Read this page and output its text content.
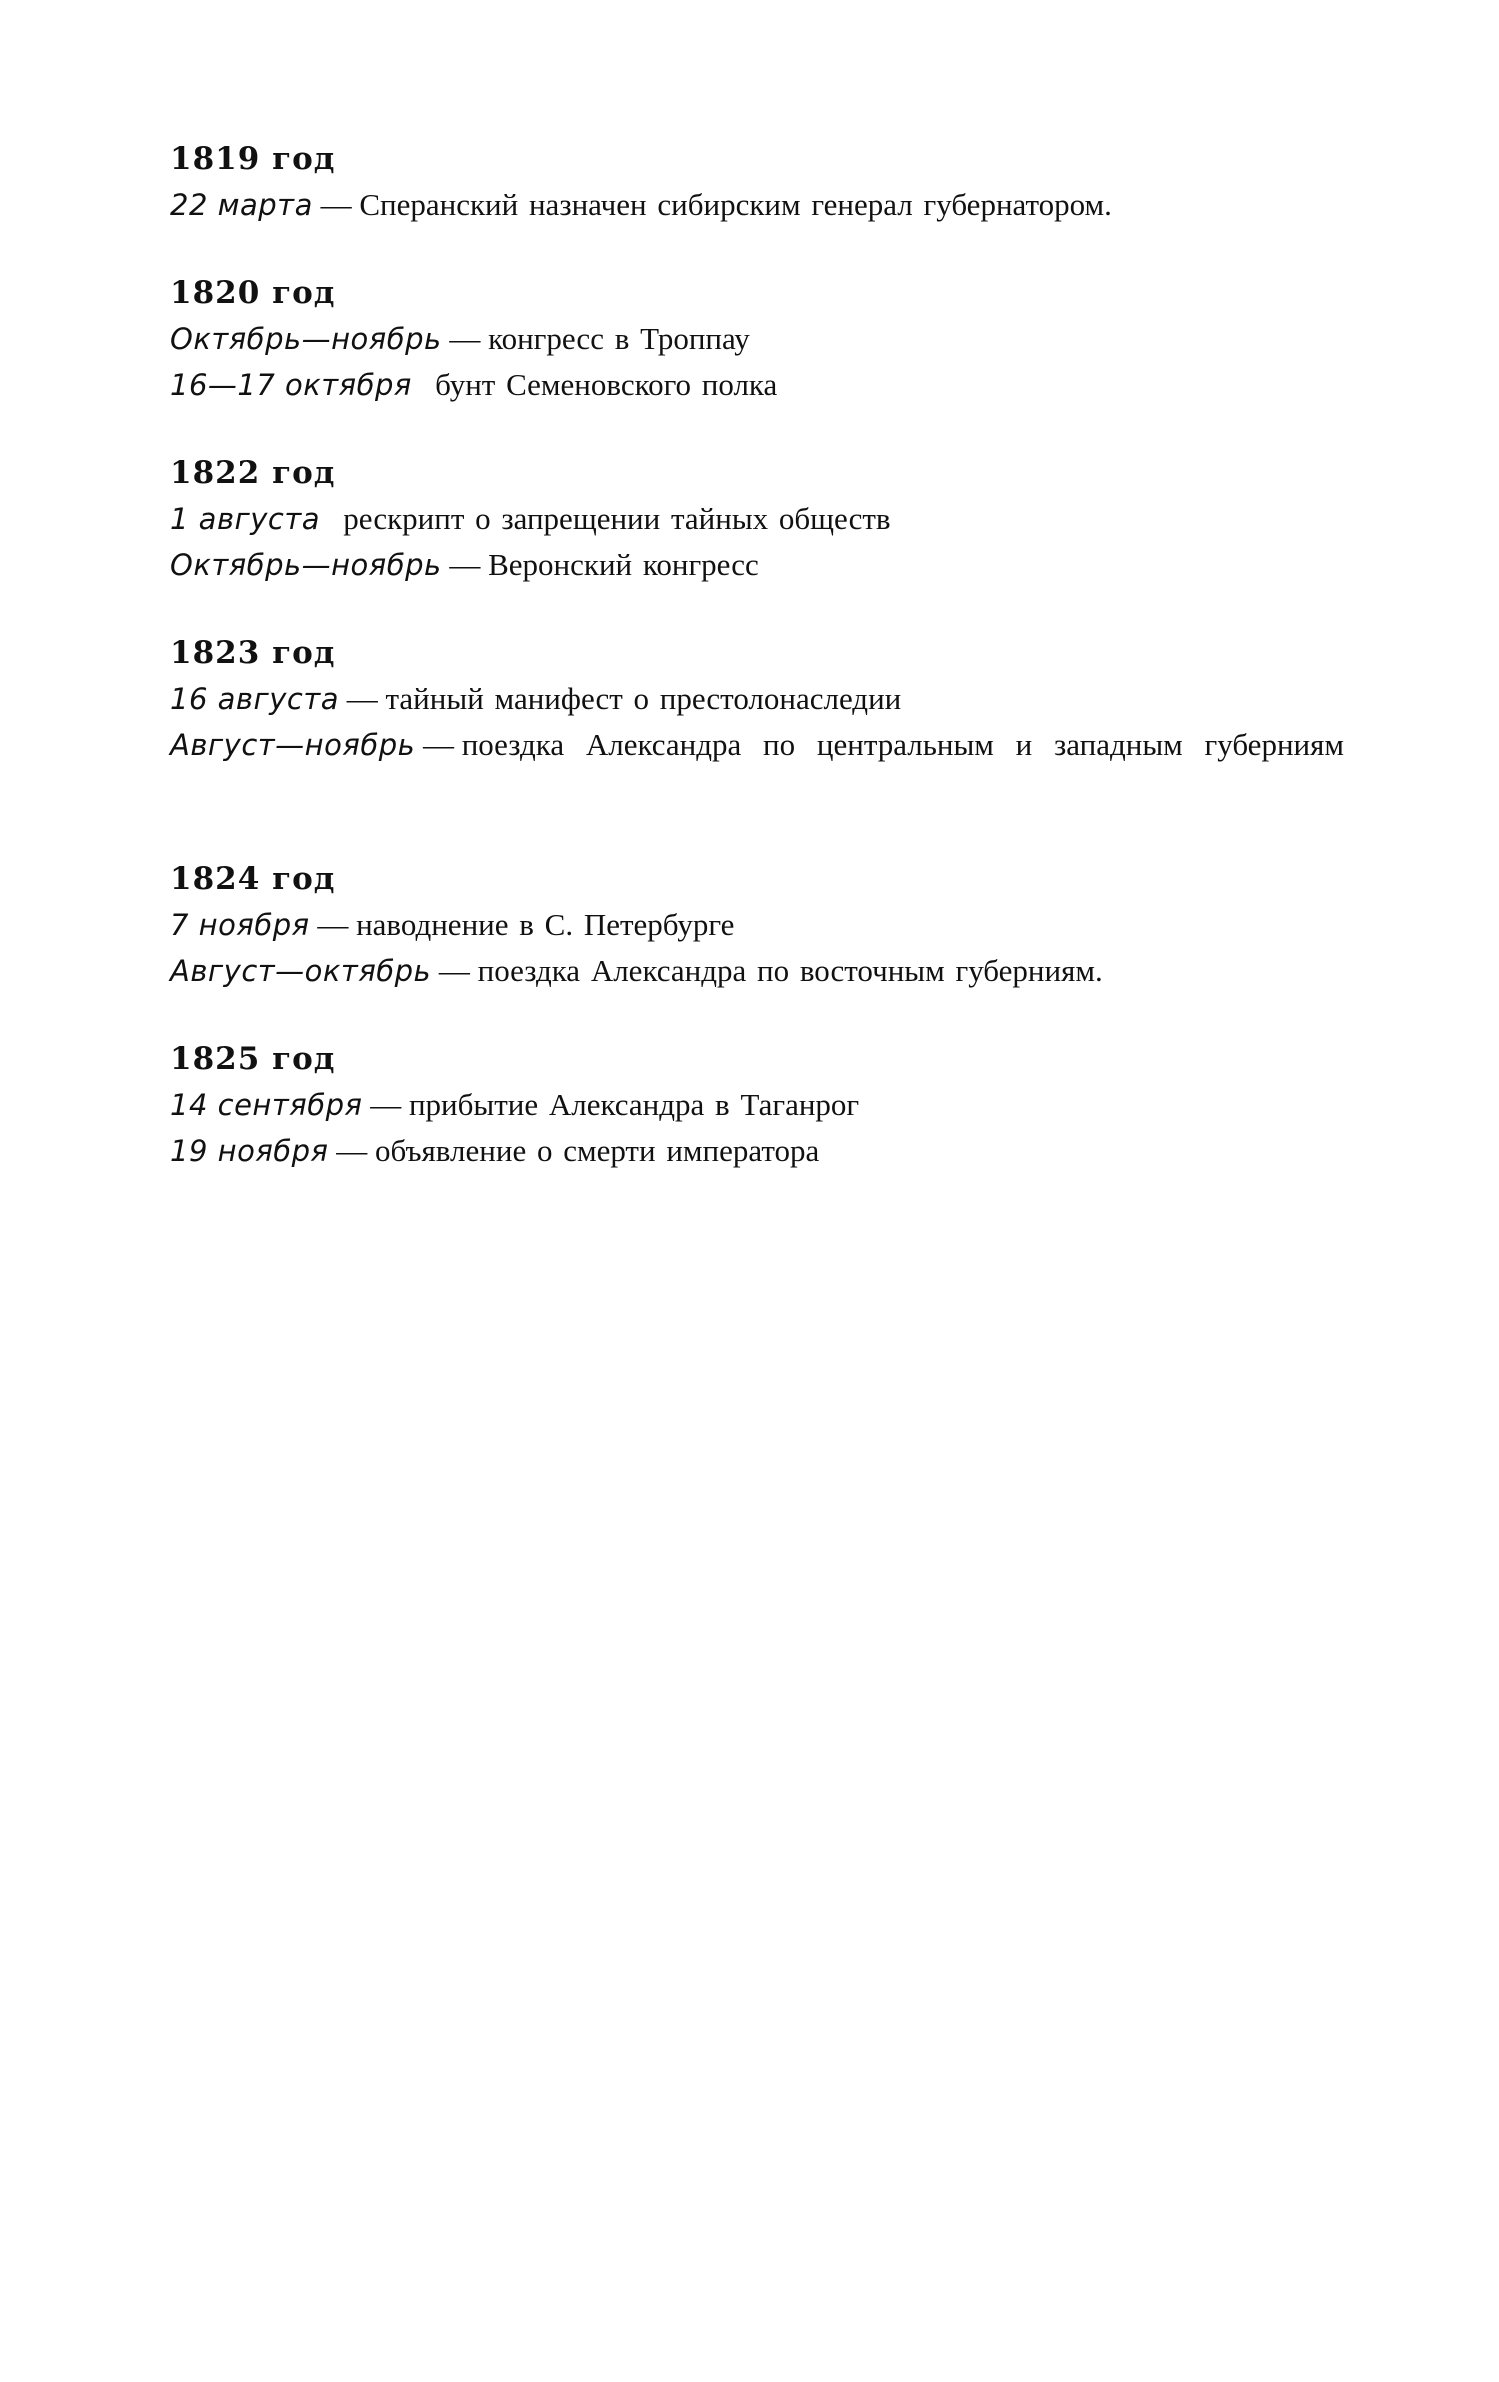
1819 год

22 марта — Сперанский назначен сибирским генерал губернатором.

1820 год

Октябрь—ноябрь — конгресс в Троппау

16—17 октября бунт Семеновского полка

1822 год

1 августа рескрипт о запрещении тайных обществ

Октябрь—ноябрь — Веронский конгресс

1823 год

16 августа — тайный манифест о престолонаследии

Август—ноябрь — поездка Александра по центральным и западным губерниям

1824 год

7 ноября — наводнение в С. Петербурге

Август—октябрь — поездка Александра по восточным губерниям.

1825 год

14 сентября — прибытие Александра в Таганрог

19 ноября — объявление о смерти императора
